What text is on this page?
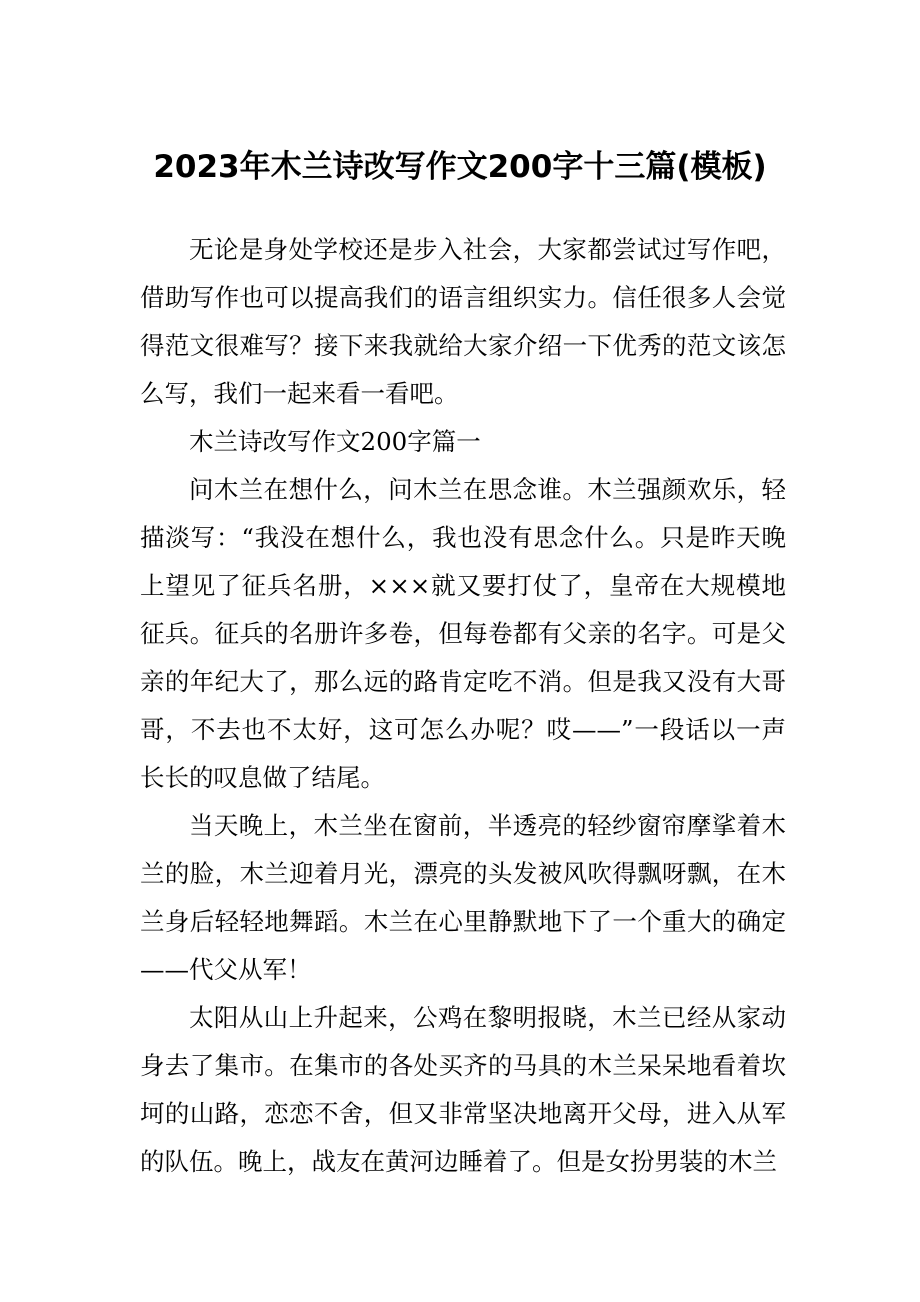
2023年木兰诗改写作文200字十三篇(模板)

无论是身处学校还是步入社会，大家都尝试过写作吧，借助写作也可以提高我们的语言组织实力。信任很多人会觉得范文很难写？接下来我就给大家介绍一下优秀的范文该怎么写，我们一起来看一看吧。

木兰诗改写作文200字篇一

问木兰在想什么，问木兰在思念谁。木兰强颜欢乐，轻描淡写：“我没在想什么，我也没有思念什么。只是昨天晚上望见了征兵名册，×××就又要打仗了，皇帝在大规模地征兵。征兵的名册许多卷，但每卷都有父亲的名字。可是父亲的年纪大了，那么远的路肯定吃不消。但是我又没有大哥哥，不去也不太好，这可怎么办呢？哎——”一段话以一声长长的叹息做了结尾。

当天晚上，木兰坐在窗前，半透亮的轻纱窗帘摩挲着木兰的脸，木兰迎着月光，漂亮的头发被风吹得飘呀飘，在木兰身后轻轻地舞蹈。木兰在心里静默地下了一个重大的确定——代父从军！

太阳从山上升起来，公鸡在黎明报晓，木兰已经从家动身去了集市。在集市的各处买齐的马具的木兰呆呆地看着坎坷的山路，恋恋不舍，但又非常坚决地离开父母，进入从军的队伍。晚上，战友在黄河边睡着了。但是女扮男装的木兰
